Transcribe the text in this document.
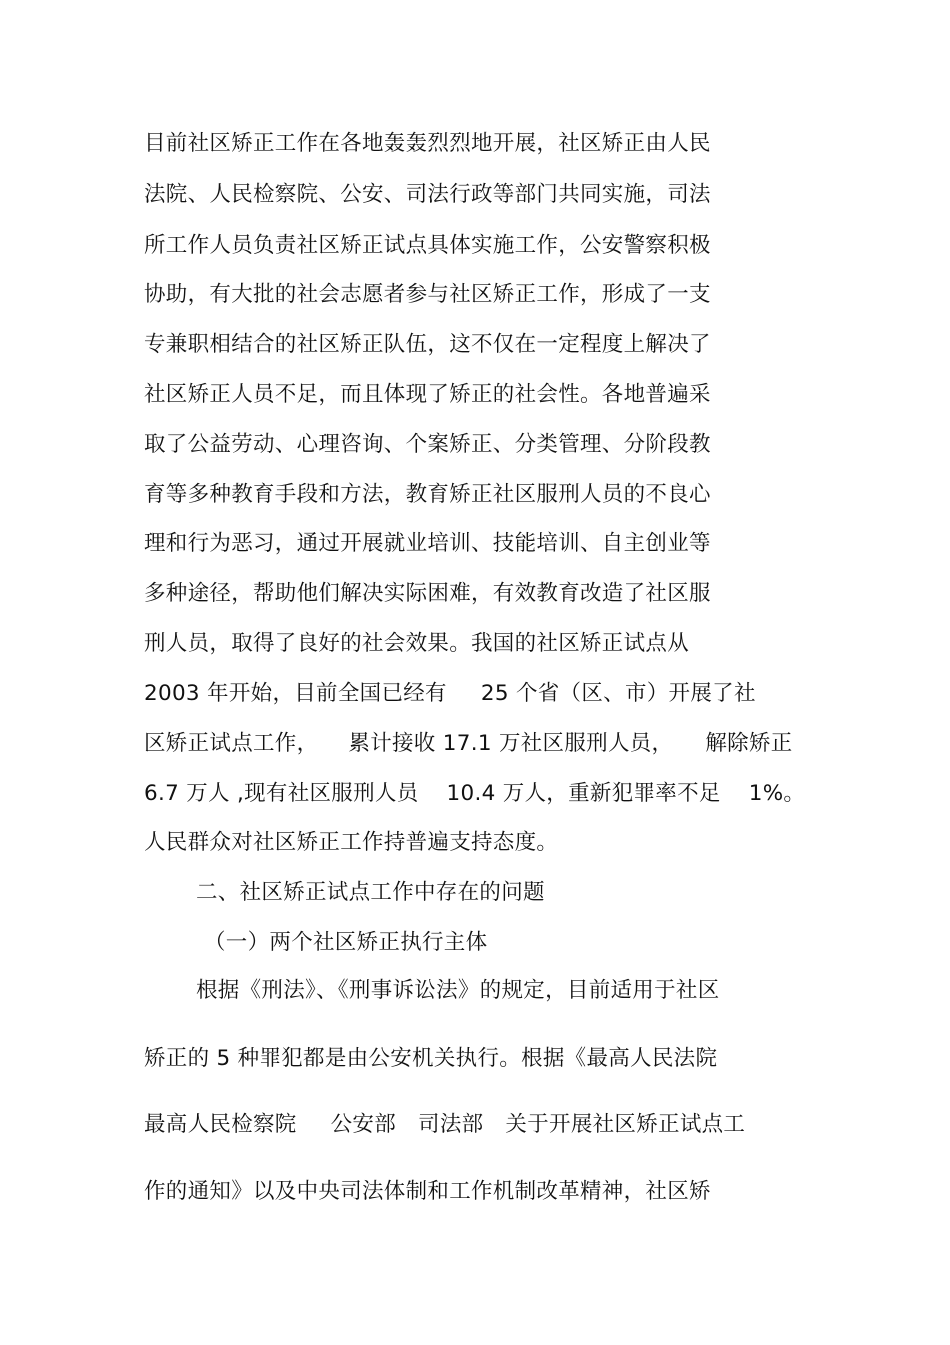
目前社区矫正工作在各地轰轰烈烈地开展，社区矫正由人民
法院、人民检察院、公安、司法行政等部门共同实施，司法
所工作人员负责社区矫正试点具体实施工作，公安警察积极
协助，有大批的社会志愿者参与社区矫正工作，形成了一支
专兼职相结合的社区矫正队伍，这不仅在一定程度上解决了
社区矫正人员不足，而且体现了矫正的社会性。各地普遍采
取了公益劳动、心理咨询、个案矫正、分类管理、分阶段教
育等多种教育手段和方法，教育矫正社区服刑人员的不良心
理和行为恶习，通过开展就业培训、技能培训、自主创业等
多种途径，帮助他们解决实际困难，有效教育改造了社区服
刑人员，取得了良好的社会效果。我国的社区矫正试点从
2003 年开始，目前全国已经有 25 个省（区、市）开展了社
区矫正试点工作， 累计接收 17.1 万社区服刑人员， 解除矫正
6.7 万人 ,现有社区服刑人员 10.4 万人，重新犯罪率不足 1%。
人民群众对社区矫正工作持普遍支持态度。
二、社区矫正试点工作中存在的问题
（一）两个社区矫正执行主体
根据《刑法》、《刑事诉讼法》的规定，目前适用于社区
矫正的 5 种罪犯都是由公安机关执行。根据《最高人民法院
最高人民检察院 公安部 司法部 关于开展社区矫正试点工
作的通知》以及中央司法体制和工作机制改革精神，社区矫
